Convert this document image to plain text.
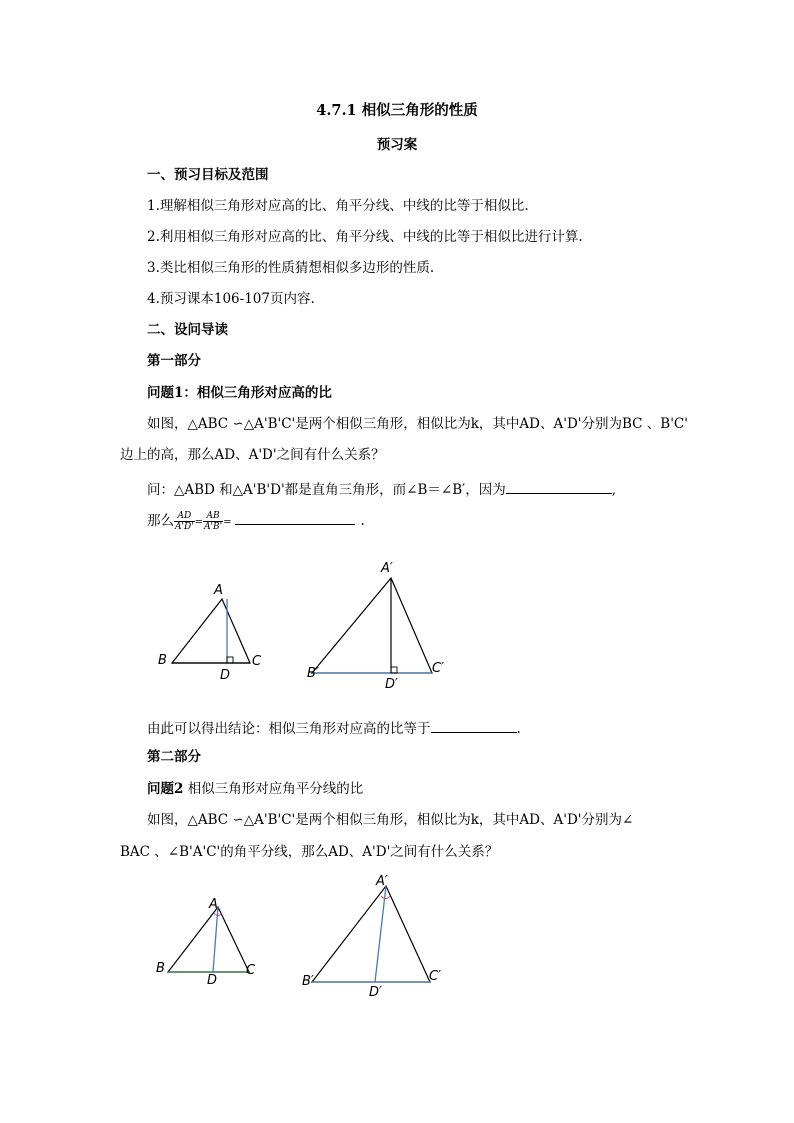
4.7.1 相似三角形的性质
预习案
一、预习目标及范围
1.理解相似三角形对应高的比、角平分线、中线的比等于相似比.
2.利用相似三角形对应高的比、角平分线、中线的比等于相似比进行计算.
3.类比相似三角形的性质猜想相似多边形的性质.
4.预习课本106-107页内容.
二、设问导读
第一部分
问题1：相似三角形对应高的比
如图，△ABC ∽△A'B'C'是两个相似三角形，相似比为k，其中AD、A'D'分别为BC 、B'C'
边上的高，那么AD、A'D'之间有什么关系？
问：△ABD 和△A'B'D'都是直角三角形，而∠B＝∠B′，因为	,
那么 $\frac{AD}{A'D'} = \frac{AB}{A'B'}$ =	.
A
B	C
D
A′
B′	C′
D′
由此可以得出结论：相似三角形对应高的比等于	.
第二部分
问题2 相似三角形对应角平分线的比
如图，△ABC ∽△A'B'C'是两个相似三角形，相似比为k，其中AD、A'D'分别为∠
BAC 、∠B'A'C'的角平分线，那么AD、A'D'之间有什么关系？
A
B	C
D
A′
B′	C′
D′
